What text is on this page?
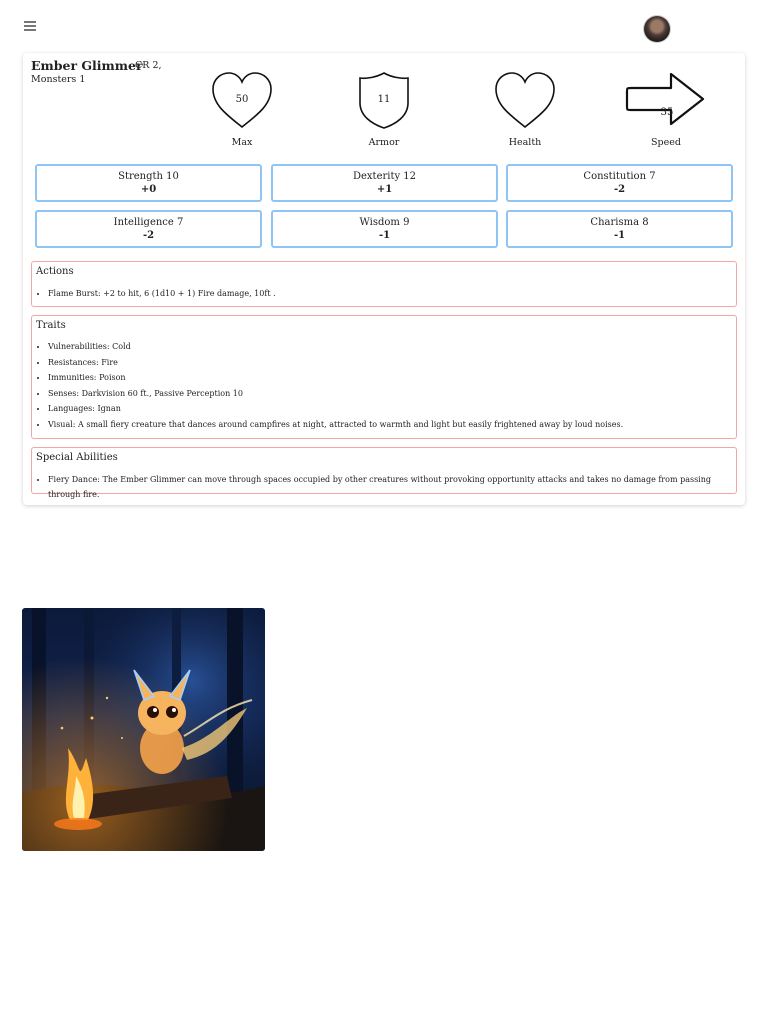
Ember Glimmer
CR 2,
Monsters 1
50
Max
11
Armor	Health
35
Speed
Strength 10
+0
Dexterity 12
+1
Constitution 7
-2
Intelligence 7
-2
Wisdom 9
-1
Charisma 8
-1
Actions
• Flame Burst: +2 to hit, 6 (1d10 + 1) Fire damage, 10ft .
Traits
• Vulnerabilities: Cold
• Resistances: Fire
• Immunities: Poison
• Senses: Darkvision 60 ft., Passive Perception 10
• Languages: Ignan
• Visual: A small fiery creature that dances around campfires at night, attracted to warmth and light but easily frightened away by loud noises.
Special Abilities
• Fiery Dance: The Ember Glimmer can move through spaces occupied by other creatures without provoking opportunity attacks and takes no damage from passing through fire.
